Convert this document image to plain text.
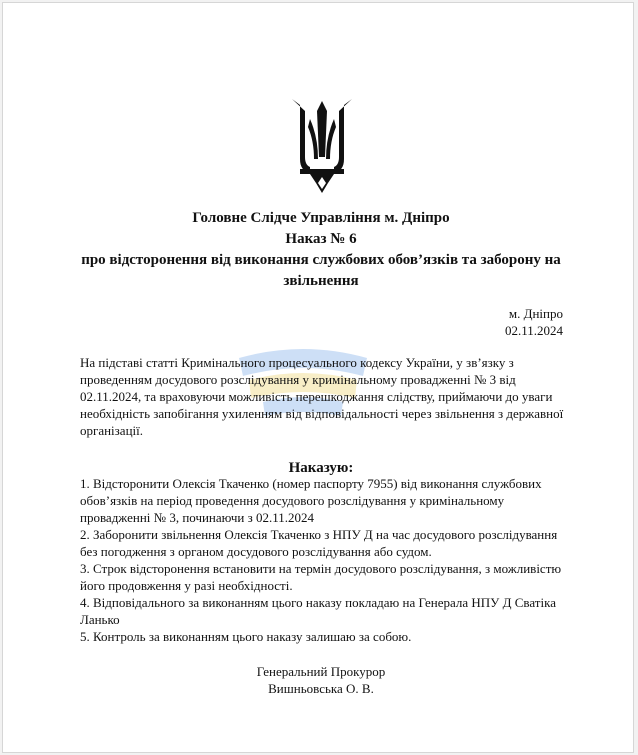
Головне Слідче Управління м. Дніпро
Наказ № 6
про відсторонення від виконання службових обов’язків та заборону на
звільнення
м. Дніпро
02.11.2024
На підставі статті Кримінального процесуального кодексу України, у зв’язку з
проведенням досудового розслідування у кримінальному провадженні № 3 від
02.11.2024, та враховуючи можливість перешкоджання слідству, приймаючи до уваги
необхідність запобігання ухиленням від відповідальності через звільнення з державної
організації.
Наказую:
1. Відсторонити Олексія Ткаченко (номер паспорту 7955) від виконання службових
обов’язків на період проведення досудового розслідування у кримінальному
провадженні № 3, починаючи з 02.11.2024
2. Заборонити звільнення Олексія Ткаченко з НПУ Д на час досудового розслідування
без погодження з органом досудового розслідування або судом.
3. Строк відсторонення встановити на термін досудового розслідування, з можливістю
його продовження у разі необхідності.
4. Відповідального за виконанням цього наказу покладаю на Генерала НПУ Д Сватіка
Ланько
5. Контроль за виконанням цього наказу залишаю за собою.
Генеральний Прокурор
Вишньовська О. В.
